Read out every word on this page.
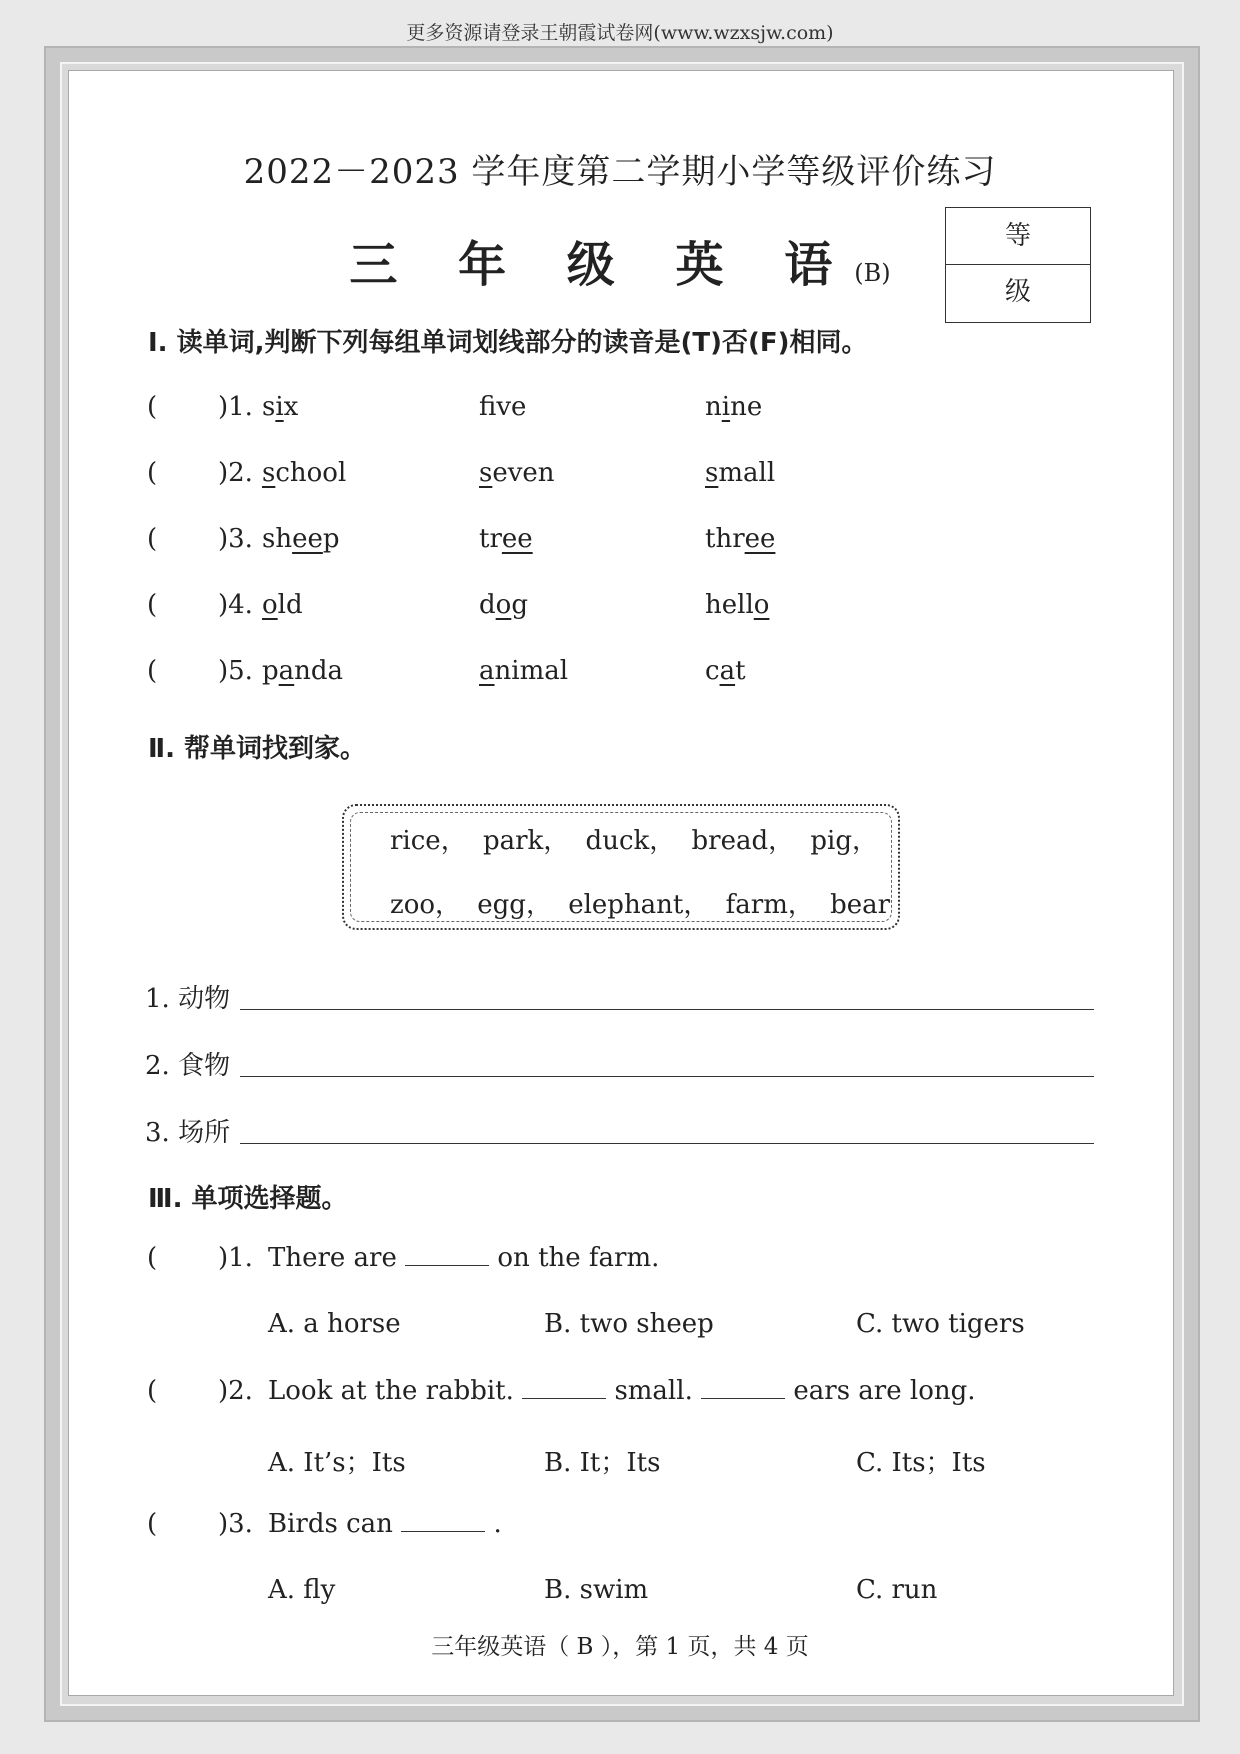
更多资源请登录王朝霞试卷网(www.wzxsjw.com)
2022－2023 学年度第二学期小学等级评价练习
三 年 级 英 语(B)
等 级
Ⅰ. 读单词,判断下列每组单词划线部分的读音是(T)否(F)相同。
( )1. six	fve	nine
( )2. school	seven	small
( )3. sheep	tree	three
( )4. old	dog	hello
( )5. panda	animal	cat
Ⅱ. 帮单词找到家。
rice， park， duck， bread， pig，
zoo， egg， elephant， farm， bear
1. 动物
2. 食物
3. 场所
Ⅲ. 单项选择题。
( )1. There are	on the farm.
A. a horse	B. two sheep	C. two tigers
( )2. Look at the rabbit.	small.	ears are long.
A. It’s；Its	B. It；Its	C. Its；Its
( )3. Birds can	.
A. fly	B. swim	C. run
三年级英语（ B ），第 1 页，共 4 页
